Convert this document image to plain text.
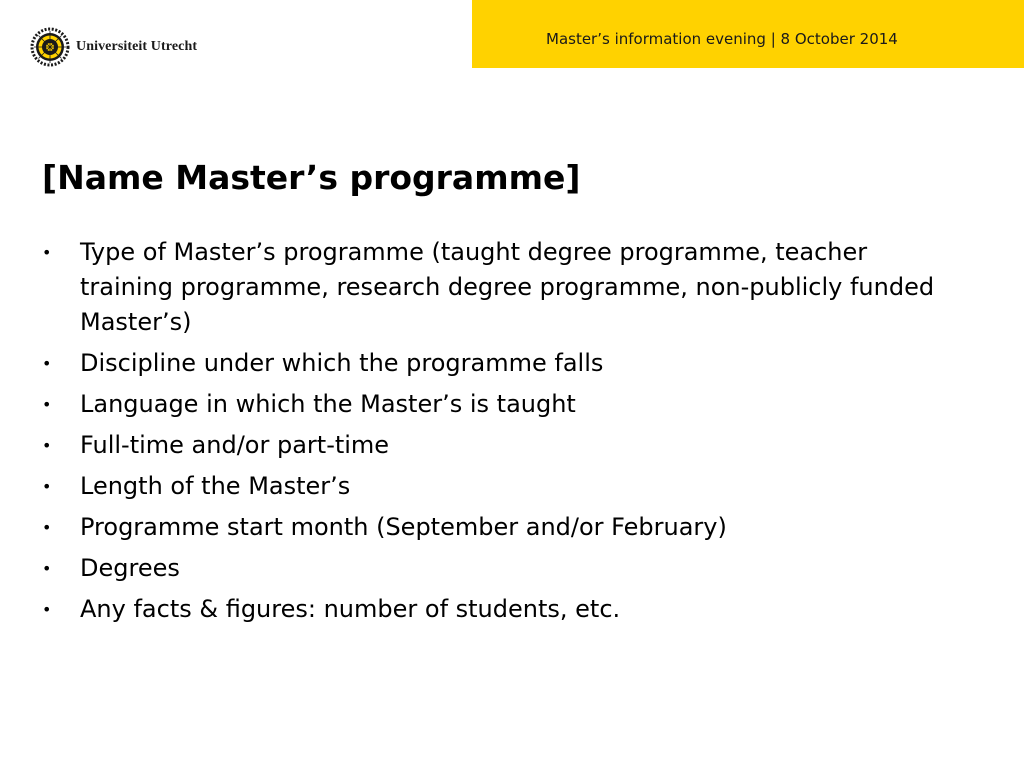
Universiteit Utrecht	Master’s information evening | 8 October 2014
[Name Master’s programme]
• Type of Master’s programme (taught degree programme, teacher training programme, research degree programme, non-publicly funded Master’s)
• Discipline under which the programme falls
• Language in which the Master’s is taught
• Full-time and/or part-time
• Length of the Master’s
• Programme start month (September and/or February)
• Degrees
• Any facts & figures: number of students, etc.
